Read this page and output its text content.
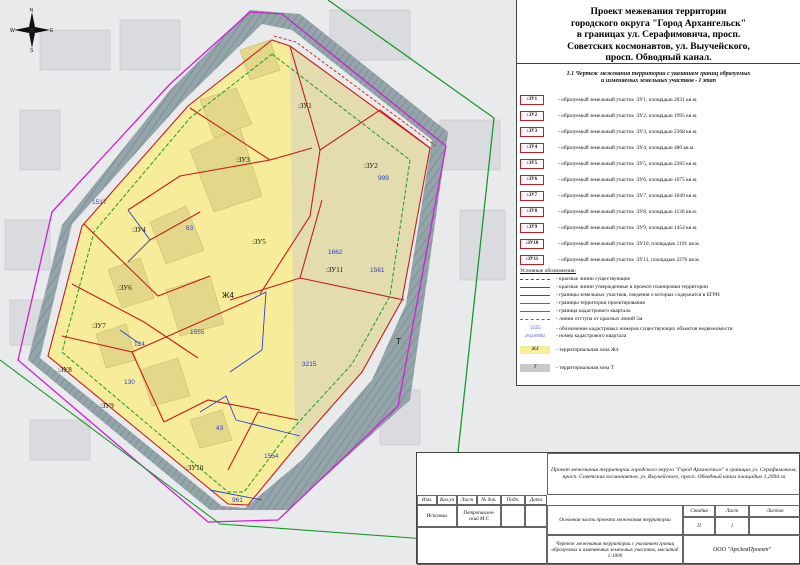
:ЗУ1
:ЗУ2
:ЗУ3
:ЗУ4
:ЗУ5
:ЗУ6
:ЗУ7
:ЗУ8
:ЗУ9
:ЗУ10
:ЗУ11
Ж4
Т
1517
999
63
1662
1561
1555
124
3215
130
43
1554
961
N
S
W	E
Проект межевания территории
городского округа "Город Архангельск"
в границах ул. Серафимовича, просп.
Советских космонавтов, ул. Выучейского,
просп. Обводный канал.
1.1 Чертеж межевания территории с указанием границ образуемых
и изменяемых земельных участков - I этап
:ЗУ1	- образуемый земельный участок :ЗУ1, площадью 2031 кв.м.
:ЗУ2	- образуемый земельный участок :ЗУ2, площадью 1995 кв.м.
:ЗУ3	- образуемый земельный участок :ЗУ3, площадью 2368 кв.м.
:ЗУ4	- образуемый земельный участок :ЗУ4, площадью 480 кв.м.
:ЗУ5	- образуемый земельный участок :ЗУ5, площадью 2285 кв.м.
:ЗУ6	- образуемый земельный участок :ЗУ6, площадью 1075 кв.м.
:ЗУ7	- образуемый земельный участок :ЗУ7, площадью 1049 кв.м.
:ЗУ8	- образуемый земельный участок :ЗУ8, площадью 1136 кв.м.
:ЗУ9	- образуемый земельный участок :ЗУ9, площадью 1454 кв.м.
:ЗУ10	- образуемый земельный участок :ЗУ10, площадью 1191 кв.м.
:ЗУ11	- образуемый земельный участок :ЗУ11, площадью 2276 кв.м.
Условные обозначения:
- красные линии существующие
- красные линии утвержденные в проекте планировки территории
- границы земельных участков, сведения о которых содержатся в ЕГРН
- границы территории проектирования
- граница кадастрового квартала
- линии отступа от красных линий 5м
:1555	- обозначение кадастровых номеров существующих объектов недвижимости
29:22:050502	- номер кадастрового квартала
Ж4	- территориальная зона Ж4
Т	- территориальная зона Т
Проект межевания территории городского округа "Город Архангельск" в границах ул. Серафимовича, просп. Советских космонавтов, ул. Выучейского, просп. Обводный канал площадью 1,2094 га
Изм.	Кол.уч	Лист	№ док.	Подп.	Дата
Исполнил	Петропавлов-ский М.С	Основная часть проекта межевания территории
Стадия	Лист	Листов
П	1
Чертеж межевания территории с указанием границ образуемых и изменяемых земельных участков, масштаб 1:1000
ООО "АрхЗемПроект"
